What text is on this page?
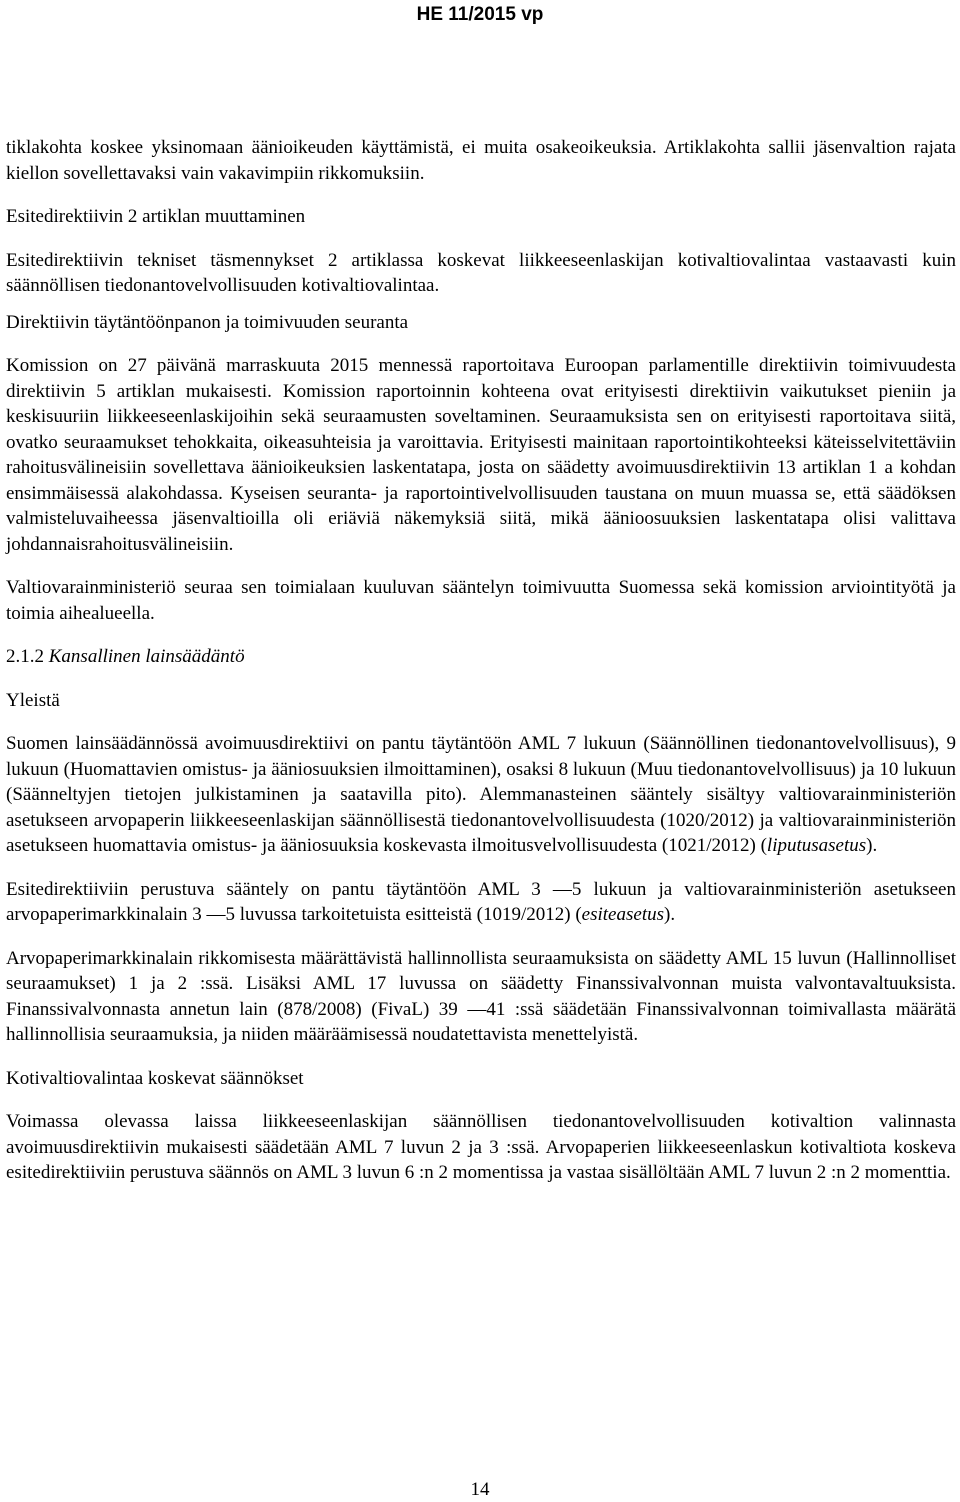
HE 11/2015 vp

tiklakohta koskee yksinomaan äänioikeuden käyttämistä, ei muita osakeoikeuksia. Artiklakohta sallii jäsenvaltion rajata kiellon sovellettavaksi vain vakavimpiin rikkomuksiin.

Esitedirektiivin 2 artiklan muuttaminen

Esitedirektiivin tekniset täsmennykset 2 artiklassa koskevat liikkeeseenlaskijan kotivaltiovalintaa vastaavasti kuin säännöllisen tiedonantovelvollisuuden kotivaltiovalintaa.

Direktiivin täytäntöönpanon ja toimivuuden seuranta

Komission on 27 päivänä marraskuuta 2015 mennessä raportoitava Euroopan parlamentille direktiivin toimivuudesta direktiivin 5 artiklan mukaisesti. Komission raportoinnin kohteena ovat erityisesti direktiivin vaikutukset pieniin ja keskisuuriin liikkeeseenlaskijoihin sekä seuraamusten soveltaminen. Seuraamuksista sen on erityisesti raportoitava siitä, ovatko seuraamukset tehokkaita, oikeasuhteisia ja varoittavia. Erityisesti mainitaan raportointikohteeksi käteisselvitettäviin rahoitusvälineisiin sovellettava äänioikeuksien laskentatapa, josta on säädetty avoimuusdirektiivin 13 artiklan 1 a kohdan ensimmäisessä alakohdassa. Kyseisen seuranta- ja raportointivelvollisuuden taustana on muun muassa se, että säädöksen valmisteluvaiheessa jäsenvaltioilla oli eriäviä näkemyksiä siitä, mikä äänioosuuksien laskentatapa olisi valittava johdannaisrahoitusvälineisiin.

Valtiovarainministeriö seuraa sen toimialaan kuuluvan sääntelyn toimivuutta Suomessa sekä komission arviointityötä ja toimia aihealueella.

2.1.2 Kansallinen lainsäädäntö

Yleistä

Suomen lainsäädännössä avoimuusdirektiivi on pantu täytäntöön AML 7 lukuun (Säännöllinen tiedonantovelvollisuus), 9 lukuun (Huomattavien omistus- ja ääniosuuksien ilmoittaminen), osaksi 8 lukuun (Muu tiedonantovelvollisuus) ja 10 lukuun (Säänneltyjen tietojen julkistaminen ja saatavilla pito). Alemmanasteinen sääntely sisältyy valtiovarainministeriön asetukseen arvopaperin liikkeeseenlaskijan säännöllisestä tiedonantovelvollisuudesta (1020/2012) ja valtiovarainministeriön asetukseen huomattavia omistus- ja ääniosuuksia koskevasta ilmoitusvelvollisuudesta (1021/2012) (liputusasetus).

Esitedirektiiviin perustuva sääntely on pantu täytäntöön AML 3 —5 lukuun ja valtiovarainministeriön asetukseen arvopaperimarkkinalain 3 —5 luvussa tarkoitetuista esitteistä (1019/2012) (esiteasetus).

Arvopaperimarkkinalain rikkomisesta määrättävistä hallinnollista seuraamuksista on säädetty AML 15 luvun (Hallinnolliset seuraamukset) 1 ja 2 :ssä. Lisäksi AML 17 luvussa on säädetty Finanssivalvonnan muista valvontavaltuuksista. Finanssivalvonnasta annetun lain (878/2008) (FivaL) 39 —41 :ssä säädetään Finanssivalvonnan toimivallasta määrätä hallinnollisia seuraamuksia, ja niiden määräämisessä noudatettavista menettelyistä.

Kotivaltiovalintaa koskevat säännökset

Voimassa olevassa laissa liikkeeseenlaskijan säännöllisen tiedonantovelvollisuuden kotivaltion valinnasta avoimuusdirektiivin mukaisesti säädetään AML 7 luvun 2 ja 3 :ssä. Arvopaperien liikkeeseenlaskun kotivaltiota koskeva esitedirektiiviin perustuva säännös on AML 3 luvun 6 :n 2 momentissa ja vastaa sisällöltään AML 7 luvun 2 :n 2 momenttia.

14
